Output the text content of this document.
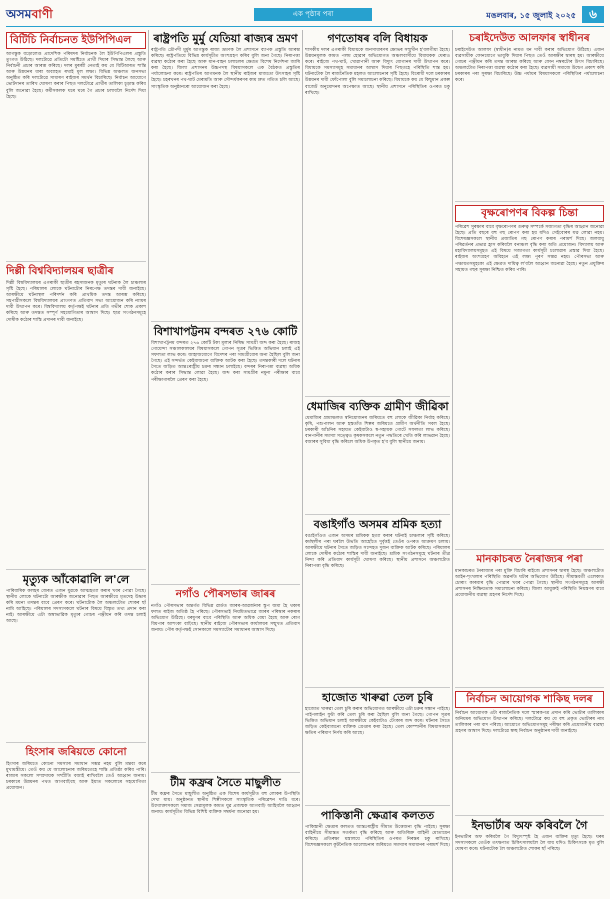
অসমবাণী	এক পৃষ্ঠাৰ পৰা	মঙলবাৰ, ১৫ জুলাই ২০২৫	৬
বিটিচি নিৰ্বাচনত ইউপিপিএল
আগন্তুক বড়োলেণ্ড প্ৰাদেশিক পৰিষদৰ নিৰ্বাচনক লৈ ইউপিপিএলৰ প্ৰস্তুতি তুংগত উঠিছে। দলটোৱে প্ৰতিটো সমষ্টিতে প্ৰাৰ্থী দিয়াৰ সিদ্ধান্ত লৈছে আৰু নিৰ্বাচনী প্ৰচাৰ আৰম্ভ কৰিছে। দলৰ মুৰব্বী নেতাই কয় যে বিটিআৰত শান্তি আৰু উন্নয়নৰ ধাৰা অব্যাহত ৰখাই মূল লক্ষ্য। বিভিন্ন অঞ্চলত জনসভা অনুষ্ঠিত কৰি দলটোৱে সাধাৰণ ৰাইজৰ সমৰ্থন বিচাৰিছে। নিৰ্বাচন আয়োগে ভোটদানৰ তাৰিখ ঘোষণা কৰাৰ পিছত দলটোৱে প্ৰাৰ্থীৰ তালিকা চূড়ান্ত কৰিব বুলি জনোৱা হৈছে। কৰ্মীসকলক ঘৰে ঘৰে গৈ প্ৰচাৰ চলাবলৈ নিৰ্দেশ দিয়া হৈছে।
দিল্লী বিশ্ববিদ্যালয়ৰ ছাত্ৰীৰ
দিল্লী বিশ্ববিদ্যালয়ৰ এগৰাকী ছাত্ৰীৰ ৰহস্যজনক মৃত্যুৰ ঘটনাক লৈ চাঞ্চল্যৰ সৃষ্টি হৈছে। পৰিয়ালৰ লোকে ঘটনাটোৰ নিৰপেক্ষ তদন্তৰ দাবী জনাইছে। আৰক্ষীয়ে ঘটনাস্থল পৰিদৰ্শন কৰি প্ৰাথমিক তদন্ত আৰম্ভ কৰিছে। সহপাঠীসকলে বিশ্ববিদ্যালয়ৰ প্ৰাংগণত প্ৰতিবাদ সভা আয়োজন কৰি ন্যায়ৰ দাবী উত্থাপন কৰে। বিশ্ববিদ্যালয় কৰ্তৃপক্ষই ঘটনাৰ প্ৰতি গভীৰ শোক প্ৰকাশ কৰিছে আৰু তদন্তত সম্পূৰ্ণ সহযোগিতাৰ আশ্বাস দিছে। ছাত্ৰ সংগঠনসমূহে দোষীক কঠোৰ শাস্তি প্ৰদানৰ দাবী জনাইছে।
মৃত্যুক আঁকোৱালি ল'লে
পাৰিবাৰিক কলহৰ জেৰত এজন যুৱকে আত্মহত্যা কৰাৰ খবৰ পোৱা গৈছে। স্থানীয় লোকে ঘটনাটো আৰক্ষীক জনোৱাৰ পিছত আৰক্ষীয়ে মৃতদেহ উদ্ধাৰ কৰি ময়না তদন্তৰ বাবে প্ৰেৰণ কৰে। ঘটনাটোক লৈ অঞ্চলটোত শোকৰ ছাঁ নামি আহিছে। পৰিয়ালৰ সদস্যসকলে ঘটনাৰ বিষয়ে বিস্তৃত তথ্য প্ৰদান কৰা নাই। আৰক্ষীয়ে এটা অস্বাভাৱিক মৃত্যুৰ গোচৰ পঞ্জীয়ন কৰি তদন্ত চলাই আছে।
হিংসাৰ জৰিয়তে কোনো
হিংসাৰ জৰিয়তে কোনো সমস্যাৰ সমাধান সম্ভৱ নহয় বুলি মন্তব্য কৰে মুখ্যমন্ত্ৰীয়ে। তেওঁ কয় যে আলোচনাৰ জৰিয়তেহে শান্তি প্ৰতিষ্ঠা কৰিব পাৰি। ৰাজ্যৰ সকলো সম্প্ৰদায়ক সম্প্ৰীতি বজাই ৰাখিবলৈ তেওঁ আহ্বান জনায়। চৰকাৰে উন্নয়নৰ পথত আগবাঢ়িছে আৰু ইয়াত সকলোৰে সহযোগিতা প্ৰয়োজন।
ৰাষ্ট্ৰপতি মুৰ্মু যেতিয়া ৰাজ্যৰ ভ্ৰমণ
ৰাষ্ট্ৰপতি দ্ৰৌপদী মুৰ্মুৰ আগন্তুক ৰাজ্য ভ্ৰমণক লৈ প্ৰশাসনে ব্যাপক প্ৰস্তুতি আৰম্ভ কৰিছে। ৰাষ্ট্ৰপতিয়ে বিভিন্ন কাৰ্যসূচীত অংশগ্ৰহণ কৰিব বুলি জনা গৈছে। নিৰাপত্তা ব্যৱস্থা কঠোৰ কৰা হৈছে আৰু যান-বাহন চলাচলৰ ক্ষেত্ৰত বিশেষ নিৰ্দেশনা জাৰি কৰা হৈছে। জিলা প্ৰশাসনৰ উচ্চপদস্থ বিষয়াসকলে এক বৈঠকত প্ৰস্তুতিৰ পৰ্যালোচনা কৰে। ৰাষ্ট্ৰপতিৰ আগমনক লৈ স্থানীয় ৰাইজৰ মাজতো উৎসাহৰ সৃষ্টি হৈছে। চহৰখনৰ পথ-ঘাট মেৰামতি আৰু সৌন্দৰ্যকৰণৰ কাম দ্ৰুত গতিত চলি আছে। সাংস্কৃতিক অনুষ্ঠানৰো আয়োজন কৰা হৈছে।
বিশাখাপট্টনম বন্দৰত ২৭৬ কোটি
বিশাখাপট্টনম বন্দৰত ২৭৬ কোটি টকা মূল্যৰ নিষিদ্ধ সামগ্ৰী জব্দ কৰা হৈছে। ৰাজহ গোয়েন্দা সঞ্চালকালয়ৰ বিষয়াসকলে গোপন সূত্ৰৰ ভিত্তিত অভিযান চলাই এই সফলতা লাভ কৰে। জাহাজযোগে বিদেশৰ পৰা সামগ্ৰীবোৰ অনা হৈছিল বুলি জনা গৈছে। এই সন্দৰ্ভত কেইবাজনো ব্যক্তিক আটক কৰা হৈছে। তদন্তকাৰী দলে ঘটনাৰ সৈতে জড়িত আন্তঃৰাষ্ট্ৰীয় চক্ৰৰ সন্ধান চলাইছে। বন্দৰৰ নিৰাপত্তা ব্যৱস্থা অধিক কঠোৰ কৰাৰ সিদ্ধান্ত লোৱা হৈছে। জব্দ কৰা সামগ্ৰীৰ নমুনা পৰীক্ষাৰ বাবে পৰীক্ষাগাৰলৈ প্ৰেৰণ কৰা হৈছে।
নগাঁও পৌৰসভাৰ জাৰৰ
নগাঁও পৌৰসভাৰ অন্তৰ্গত বিভিন্ন ৱাৰ্ডত জাৰৰ-আৱৰ্জনাৰ স্তূপ জমা হৈ থকাৰ ফলত ৰাইজ অতিষ্ঠ হৈ পৰিছে। পৌৰসভাই নিয়মিতভাৱে জাৰৰ পৰিষ্কাৰ নকৰাৰ অভিযোগ উঠিছে। বৰষুণৰ বাবে পৰিস্থিতি আৰু অধিক বেয়া হৈছে আৰু ৰোগ বিয়পাৰ আশংকা বাঢ়িছে। স্থানীয় ৰাইজে পৌৰসভাৰ কাৰ্যালয়ৰ সন্মুখত প্ৰতিবাদ জনায়। পৌৰ কৰ্তৃপক্ষই সোনকালে সমস্যাটোৰ সমাধানৰ আশ্বাস দিছে।
টীম কফ্ৰৰ সৈতে মাছুলীত
টীম কফ্ৰৰ সৈতে মাছুলীত অনুষ্ঠিত এক বিশেষ কাৰ্যসূচীত বহু লোকৰ উপস্থিতি দেখা যায়। অনুষ্ঠানত স্থানীয় শিল্পীসকলে সাংস্কৃতিক পৰিৱেশন দাঙি ধৰে। উদ্যোক্তাসকলে সমাজ সেৱামূলক কামত যুৱ প্ৰজন্মক আগবাঢ়ি আহিবলৈ আহ্বান জনায়। কাৰ্যসূচীত বিভিন্ন বিশিষ্ট ব্যক্তিক সম্বৰ্ধনা জনোৱা হয়।
গণতোষৰ বলি বিধায়ক
শাসকীয় দলৰ এগৰাকী বিধায়কে জনসাধাৰণৰ ক্ষোভৰ সন্মুখীন হ'বলগীয়া হৈছে। উন্নয়নমূলক কামত পলম হোৱাৰ অভিযোগত অঞ্চলবাসীয়ে বিধায়কক ঘেৰাও কৰে। ৰাইজে পথ-ঘাট, খোৱাপানী আৰু বিদ্যুৎ যোগানৰ দাবী উত্থাপন কৰে। বিধায়কে সমস্যাসমূহ সমাধানৰ আশ্বাস দিয়াৰ পিছতহে পৰিস্থিতি শান্ত হয়। ঘটনাটোক লৈ ৰাজনৈতিক মহলত আলোচনাৰ সৃষ্টি হৈছে। বিৰোধী দলে চৰকাৰৰ উন্নয়নৰ দাবী ফোঁপোলা বুলি সমালোচনা কৰিছে। বিধায়কে কয় যে কিছুমান প্ৰকল্প বাজেট অনুমোদনৰ অপেক্ষাত আছে। স্থানীয় প্ৰশাসনে পৰিস্থিতিৰ ওপৰত চকু ৰাখিছে।
ধেমাজিৰ ব্যক্তিক গ্ৰামীণ জীৱিকা
ধেমাজিৰ গ্ৰামাঞ্চলত স্বনিয়োজনৰ জৰিয়তে বহু লোকে জীৱিকা নিৰ্বাহ কৰিছে। কৃষি, পশুপালন আৰু হস্ততাঁত শিল্পৰ জৰিয়তে গ্ৰামীণ অৰ্থনীতি সবল হৈছে। চৰকাৰী আঁচনিৰ সহায়ত কেইবাটাও স্ব-সহায়ক গোটে সফলতা লাভ কৰিছে। বানপানীৰ সমস্যা সত্ত্বেও কৃষকসকলে নতুন পদ্ধতিৰে খেতি কৰি লাভৱান হৈছে। বজাৰৰ সুবিধা বৃদ্ধি কৰিলে অধিক উপকৃত হ'ব বুলি স্থানীয়ে জনায়।
বঙাইগাঁও অসমৰ শ্ৰমিক হত্যা
বঙাইগাঁওত এজন অসমৰ শ্ৰমিকক হত্যা কৰাৰ ঘটনাই চাঞ্চল্যৰ সৃষ্টি কৰিছে। কৰ্মস্থলীৰ পৰা ঘৰলৈ উভতি আহোঁতে দুৰ্বৃত্তই তেওঁৰ ওপৰত আক্ৰমণ চলায়। আৰক্ষীয়ে ঘটনাৰ সৈতে জড়িত সন্দেহত দুজন ব্যক্তিক আটক কৰিছে। পৰিয়ালৰ লোকে দোষীৰ কঠোৰ শাস্তিৰ দাবী জনাইছে। শ্ৰমিক সংগঠনসমূহে ঘটনাৰ তীব্ৰ নিন্দা কৰি প্ৰতিবাদ কাৰ্যসূচী ঘোষণা কৰিছে। স্থানীয় প্ৰশাসনে অঞ্চলটোত নিৰাপত্তা বৃদ্ধি কৰিছে।
হাজোত খাৰুৱা তেল চুৰি
হাজোত খাৰুৱা তেল চুৰি কৰাৰ অভিযোগত আৰক্ষীয়ে এটা চক্ৰৰ সন্ধান পাইছে। পাইপলাইন ফুটা কৰি তেল চুৰি কৰা হৈছিল বুলি জনা গৈছে। গোপন সূত্ৰৰ ভিত্তিত অভিযান চলাই আৰক্ষীয়ে কেইবাটাও টেংকাৰ জব্দ কৰে। ঘটনাৰ সৈতে জড়িত কেইবাজনো ব্যক্তিক গ্ৰেপ্তাৰ কৰা হৈছে। তেল কোম্পানীৰ বিষয়াসকলে ক্ষতিৰ পৰিমাণ নিৰ্ণয় কৰি আছে।
পাকিস্তানী ক্ষেত্ৰাৰ কলতত
পাকিস্তানী ক্ষেত্ৰাৰ কলতত আন্তঃৰাষ্ট্ৰীয় সীমাত উত্তেজনা বৃদ্ধি পাইছে। সুৰক্ষা বাহিনীয়ে সীমান্তত সতৰ্কতা বৃদ্ধি কৰিছে আৰু অতিৰিক্ত বাহিনী মোতায়েন কৰিছে। প্ৰতিৰক্ষা মন্ত্ৰালয়ে পৰিস্থিতিৰ ওপৰত নিৰন্তৰ চকু ৰাখিছে। বিশেষজ্ঞসকলে কূটনৈতিক আলোচনাৰ জৰিয়তে সমস্যাৰ সমাধানৰ পৰামৰ্শ দিছে।
চৰাইদেউত আলফাৰ স্বাধীনৰ
চৰাইদেউত আলফা (স্বাধীন)ৰ নামত ধন দাবী কৰাৰ অভিযোগ উঠিছে। এজন ব্যৱসায়ীক ফোনযোগে ভাবুকি দিয়াৰ পিছত তেওঁ আৰক্ষীৰ দ্বাৰস্থ হয়। আৰক্ষীয়ে গোচৰ পঞ্জীয়ন কৰি তদন্ত আৰম্ভ কৰিছে আৰু ফোন নম্বৰটোৰ উৎস বিচাৰিছে। অঞ্চলটোত নিৰাপত্তা ব্যৱস্থা কঠোৰ কৰা হৈছে। ব্যৱসায়ী সমাজে উদ্বেগ প্ৰকাশ কৰি চৰকাৰৰ পৰা সুৰক্ষা বিচাৰিছে। উচ্চ পৰ্যায়ৰ বিষয়াসকলে পৰিস্থিতিৰ পৰ্যালোচনা কৰে।
বৃক্ষৰোপণৰ বিকল্প চিন্তা
পৰিৱেশ সুৰক্ষাৰ বাবে বৃক্ষৰোপণৰ গুৰুত্ব সম্পৰ্কে সজাগতা বৃদ্ধিৰ আহ্বান জনোৱা হৈছে। প্ৰতি বছৰে বহু গছ ৰোপণ কৰা হয় যদিও সেইবোৰৰ যত্ন লোৱা নহয়। বিশেষজ্ঞসকলে স্থানীয় প্ৰজাতিৰ গছ ৰোপণ কৰাৰ পৰামৰ্শ দিছে। জলবায়ু পৰিৱৰ্তনৰ প্ৰভাৱ হ্ৰাস কৰিবলৈ বনাঞ্চল বৃদ্ধি কৰা অতি প্ৰয়োজন। বিদ্যালয় আৰু মহাবিদ্যালয়সমূহত এই বিষয়ে সজাগতা কাৰ্যসূচী চলোৱাৰ প্ৰস্তাৱ দিয়া হৈছে। ৰাইজৰ অংশগ্ৰহণ অবিহনে এই লক্ষ্য পূৰণ সম্ভৱ নহয়। পৌৰসভা আৰু পঞ্চায়তসমূহকো এই ক্ষেত্ৰত দায়িত্ব ল'বলৈ আহ্বান জনোৱা হৈছে। নতুন প্ৰযুক্তিৰ সহায়ত গছৰ সুৰক্ষা নিশ্চিত কৰিব পাৰি।
মানকাচৰত নৈৰাজ্যৰ পৰা
মানকাচৰত নৈৰাজ্যৰ পৰা মুক্তি বিচাৰি ৰাইজে প্ৰশাসনৰ দ্বাৰস্থ হৈছে। অঞ্চলটোত আইন-শৃংখলাৰ পৰিস্থিতি অৱনতি ঘটাৰ অভিযোগ উঠিছে। সীমান্তবৰ্তী এলেকাত চোৰাং কাৰবাৰ বৃদ্ধি পোৱাৰ খবৰ পোৱা গৈছে। স্থানীয় সংগঠনসমূহে আৰক্ষী প্ৰশাসনৰ নিষ্ক্ৰিয়তাক সমালোচনা কৰিছে। জিলা আয়ুক্তই পৰিস্থিতি নিয়ন্ত্ৰণৰ বাবে প্ৰয়োজনীয় ব্যৱস্থা গ্ৰহণৰ নিৰ্দেশ দিছে।
নিৰ্বাচন আয়োগক শাকিছ দলৰ
নিৰ্বাচন আয়োগক এটা ৰাজনৈতিক দলে স্মাৰকপত্ৰ প্ৰদান কৰি ভোটাৰ তালিকাৰ অনিয়মৰ অভিযোগ উত্থাপন কৰিছে। দলটোৱে কয় যে বহু প্ৰকৃত ভোটাৰৰ নাম তালিকাৰ পৰা বাদ পৰিছে। আয়োগে অভিযোগসমূহ পৰীক্ষা কৰি প্ৰয়োজনীয় ব্যৱস্থা গ্ৰহণৰ আশ্বাস দিছে। দলটোৱে স্বচ্ছ নিৰ্বাচন অনুষ্ঠানৰ দাবী জনাইছে।
ইনভাৰ্টাৰ অফ কৰিবলৈ গৈ
ইনভাৰ্টাৰ অফ কৰিবলৈ গৈ বিদ্যুৎস্পৃষ্ট হৈ এজন ব্যক্তিৰ মৃত্যু হৈছে। ঘৰৰ সদস্যসকলে তেওঁক তৎক্ষণাত চিকিৎসালয়লৈ লৈ যায় যদিও চিকিৎসকে মৃত বুলি ঘোষণা কৰে। ঘটনাটোক লৈ অঞ্চলটোত শোকৰ ছাঁ পৰিছে।
